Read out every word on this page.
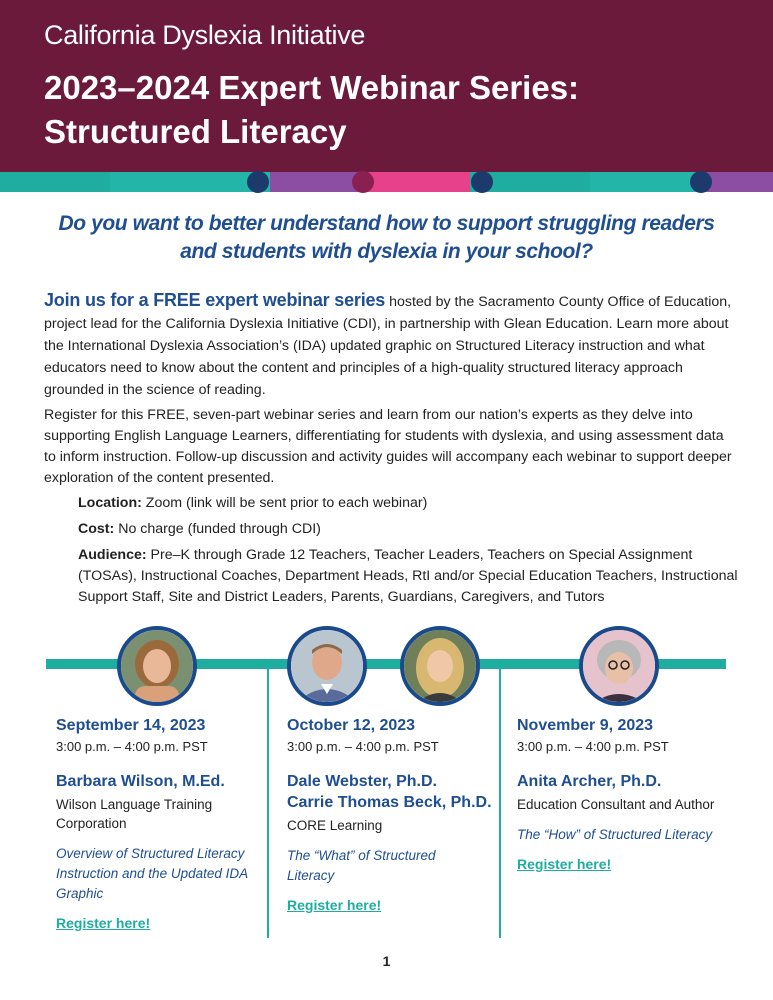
California Dyslexia Initiative
2023–2024 Expert Webinar Series:
Structured Literacy
Do you want to better understand how to support struggling readers
and students with dyslexia in your school?
Join us for a FREE expert webinar series hosted by the Sacramento County Office of Education, project lead for the California Dyslexia Initiative (CDI), in partnership with Glean Education. Learn more about the International Dyslexia Association’s (IDA) updated graphic on Structured Literacy instruction and what educators need to know about the content and principles of a high-quality structured literacy approach grounded in the science of reading.
Register for this FREE, seven-part webinar series and learn from our nation’s experts as they delve into supporting English Language Learners, differentiating for students with dyslexia, and using assessment data to inform instruction. Follow-up discussion and activity guides will accompany each webinar to support deeper exploration of the content presented.
Location: Zoom (link will be sent prior to each webinar)
Cost: No charge (funded through CDI)
Audience: Pre–K through Grade 12 Teachers, Teacher Leaders, Teachers on Special Assignment (TOSAs), Instructional Coaches, Department Heads, RtI and/or Special Education Teachers, Instructional Support Staff, Site and District Leaders, Parents, Guardians, Caregivers, and Tutors
September 14, 2023
3:00 p.m. – 4:00 p.m. PST
Barbara Wilson, M.Ed.
Wilson Language Training Corporation
Overview of Structured Literacy Instruction and the Updated IDA Graphic
Register here!
October 12, 2023
3:00 p.m. – 4:00 p.m. PST
Dale Webster, Ph.D.
Carrie Thomas Beck, Ph.D.
CORE Learning
The “What” of Structured Literacy
Register here!
November 9, 2023
3:00 p.m. – 4:00 p.m. PST
Anita Archer, Ph.D.
Education Consultant and Author
The “How” of Structured Literacy
Register here!
1
